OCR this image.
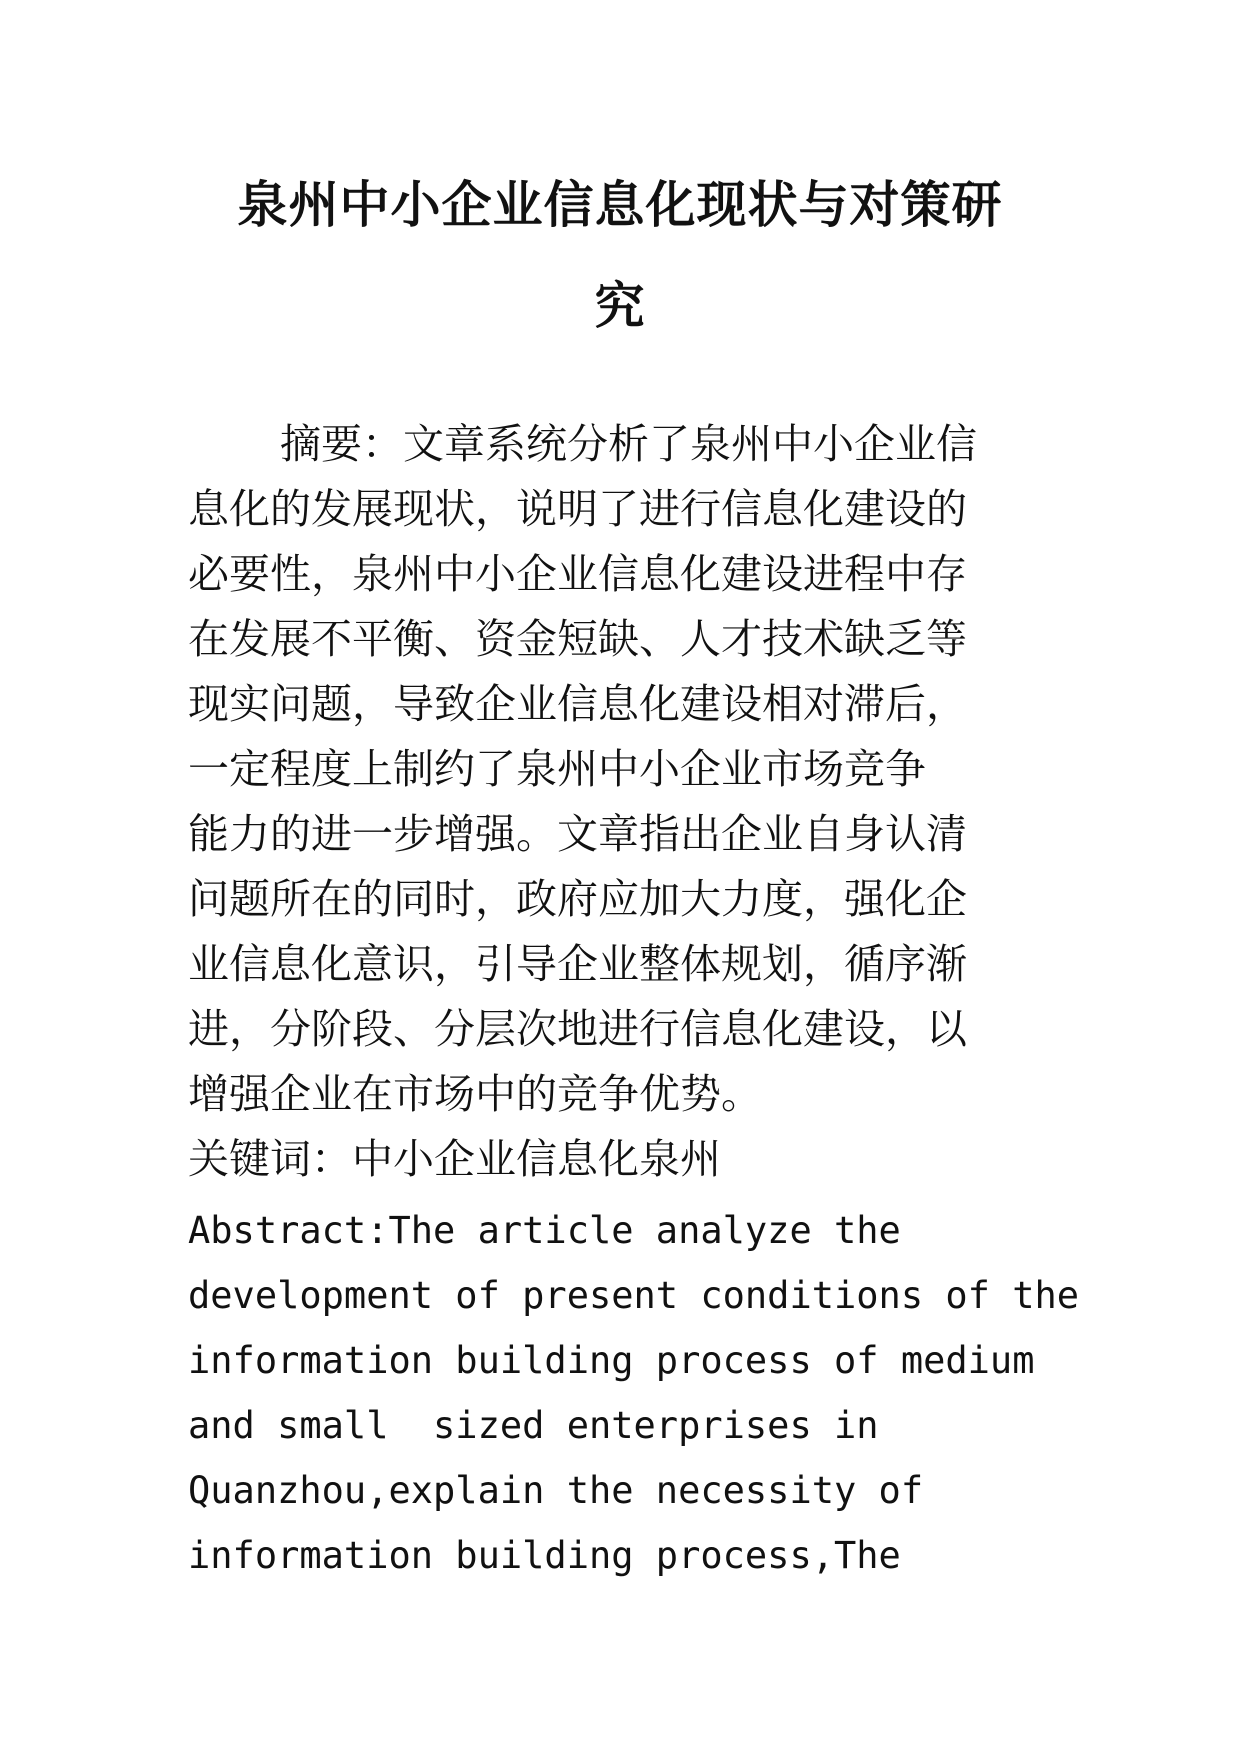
泉州中小企业信息化现状与对策研
究
摘要：文章系统分析了泉州中小企业信
息化的发展现状，说明了进行信息化建设的
必要性，泉州中小企业信息化建设进程中存
在发展不平衡、资金短缺、人才技术缺乏等
现实问题，导致企业信息化建设相对滞后，
一定程度上制约了泉州中小企业市场竞争
能力的进一步增强。文章指出企业自身认清
问题所在的同时，政府应加大力度，强化企
业信息化意识，引导企业整体规划，循序渐
进，分阶段、分层次地进行信息化建设，以
增强企业在市场中的竞争优势。
关键词：中小企业信息化泉州
Abstract:The article analyze the
development of present conditions of the
information building process of medium
and small  sized enterprises in
Quanzhou,explain the necessity of
information building process,The
